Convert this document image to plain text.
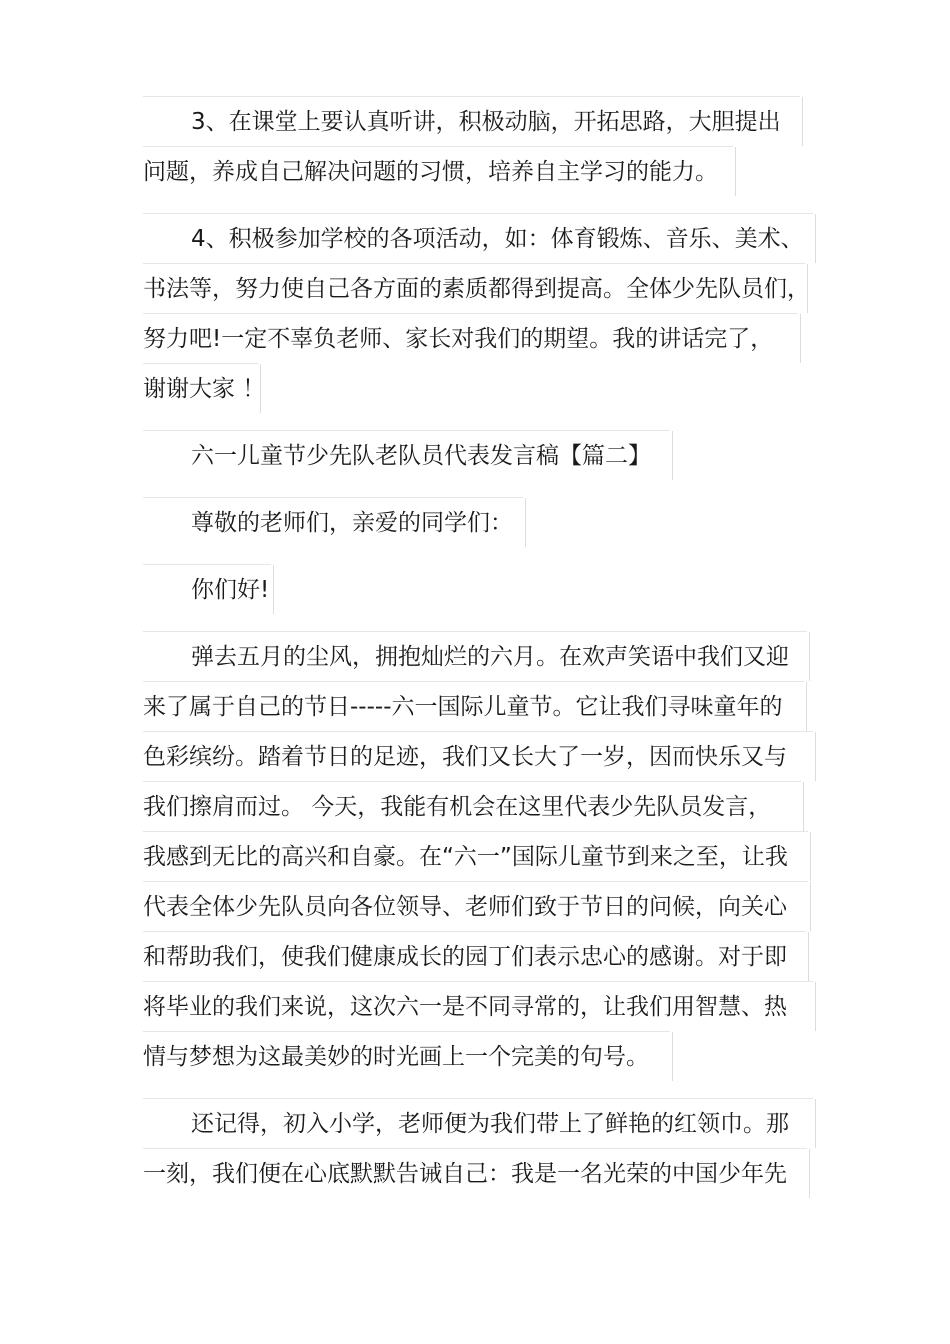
3、在课堂上要认真听讲，积极动脑，开拓思路，大胆提出
问题，养成自己解决问题的习惯，培养自主学习的能力。
4、积极参加学校的各项活动，如：体育锻炼、音乐、美术、
书法等，努力使自己各方面的素质都得到提高。全体少先队员们，
努力吧!一定不辜负老师、家长对我们的期望。我的讲话完了，
谢谢大家 ！
六一儿童节少先队老队员代表发言稿【篇二】
尊敬的老师们，亲爱的同学们：
你们好!
弹去五月的尘风，拥抱灿烂的六月。在欢声笑语中我们又迎
来了属于自己的节日-----六一国际儿童节。它让我们寻味童年的
色彩缤纷。踏着节日的足迹，我们又长大了一岁，因而快乐又与
我们擦肩而过。 今天，我能有机会在这里代表少先队员发言，
我感到无比的高兴和自豪。在“六一”国际儿童节到来之至，让我
代表全体少先队员向各位领导、老师们致于节日的问候，向关心
和帮助我们，使我们健康成长的园丁们表示忠心的感谢。对于即
将毕业的我们来说，这次六一是不同寻常的，让我们用智慧、热
情与梦想为这最美妙的时光画上一个完美的句号。
还记得，初入小学，老师便为我们带上了鲜艳的红领巾。那
一刻，我们便在心底默默告诫自己：我是一名光荣的中国少年先
